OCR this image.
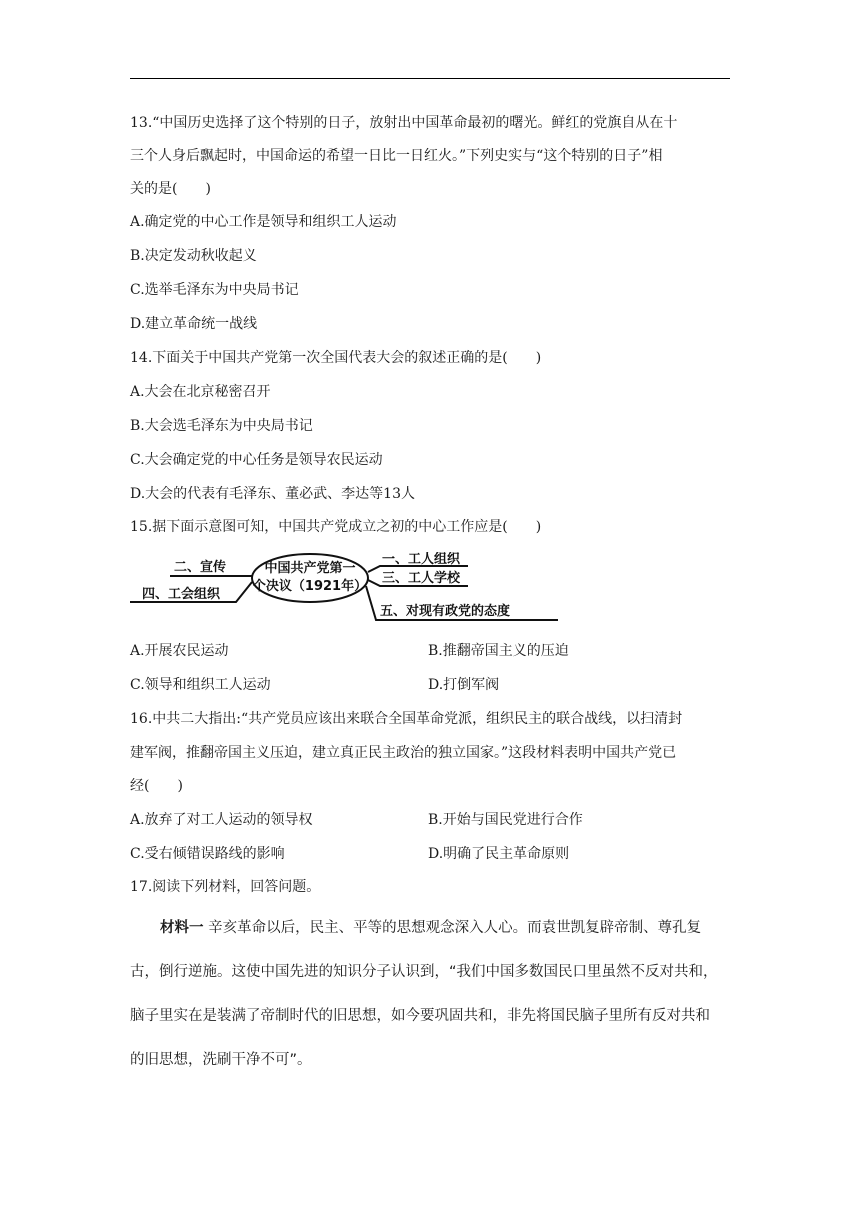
13.“中国历史选择了这个特别的日子，放射出中国革命最初的曙光。鲜红的党旗自从在十
三个人身后飘起时，中国命运的希望一日比一日红火。”下列史实与“这个特别的日子”相
关的是(　　)
A.确定党的中心工作是领导和组织工人运动
B.决定发动秋收起义
C.选举毛泽东为中央局书记
D.建立革命统一战线
14.下面关于中国共产党第一次全国代表大会的叙述正确的是(　　)
A.大会在北京秘密召开
B.大会选毛泽东为中央局书记
C.大会确定党的中心任务是领导农民运动
D.大会的代表有毛泽东、董必武、李达等13人
15.据下面示意图可知，中国共产党成立之初的中心工作应是(　　)
中国共产党第一
个决议（1921年）
二、宣传
四、工会组织
一、工人组织
三、工人学校
五、对现有政党的态度
A.开展农民运动	B.推翻帝国主义的压迫
C.领导和组织工人运动	D.打倒军阀
16.中共二大指出:“共产党员应该出来联合全国革命党派，组织民主的联合战线，以扫清封
建军阀，推翻帝国主义压迫，建立真正民主政治的独立国家。”这段材料表明中国共产党已
经(　　)
A.放弃了对工人运动的领导权	B.开始与国民党进行合作
C.受右倾错误路线的影响	D.明确了民主革命原则
17.阅读下列材料，回答问题。
材料一 辛亥革命以后，民主、平等的思想观念深入人心。而袁世凯复辟帝制、尊孔复
古，倒行逆施。这使中国先进的知识分子认识到，“我们中国多数国民口里虽然不反对共和，
脑子里实在是装满了帝制时代的旧思想，如今要巩固共和，非先将国民脑子里所有反对共和
的旧思想，洗刷干净不可”。
